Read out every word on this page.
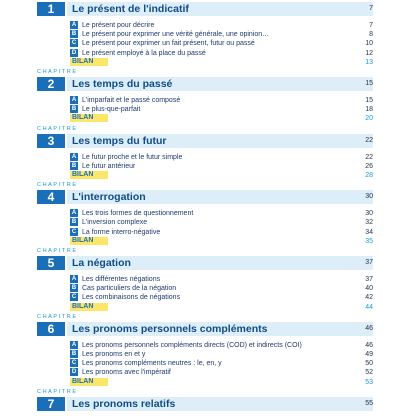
1	Le présent de l'indicatif	7
A Le présent pour décrire	7
B Le présent pour exprimer une vérité générale, une opinion…	8
C Le présent pour exprimer un fait présent, futur ou passé	10
D Le présent employé à la place du passé	12
BILAN	13
CHAPITRE
2	Les temps du passé	15
A L'imparfait et le passé composé	15
B Le plus-que-parfait	18
BILAN	20
CHAPITRE
3	Les temps du futur	22
A Le futur proche et le futur simple	22
B Le futur antérieur	26
BILAN	28
CHAPITRE
4	L'interrogation	30
A Les trois formes de questionnement	30
B L'inversion complexe	32
C La forme interro-négative	34
BILAN	35
CHAPITRE
5	La négation	37
A Les différentes négations	37
B Cas particuliers de la négation	40
C Les combinaisons de négations	42
BILAN	44
CHAPITRE
6	Les pronoms personnels compléments	46
A Les pronoms personnels compléments directs (COD) et indirects (COI)	46
B Les pronoms en et y	49
C Les pronoms compléments neutres : le, en, y	50
D Les pronoms avec l'impératif	52
BILAN	53
CHAPITRE
7	Les pronoms relatifs	55
